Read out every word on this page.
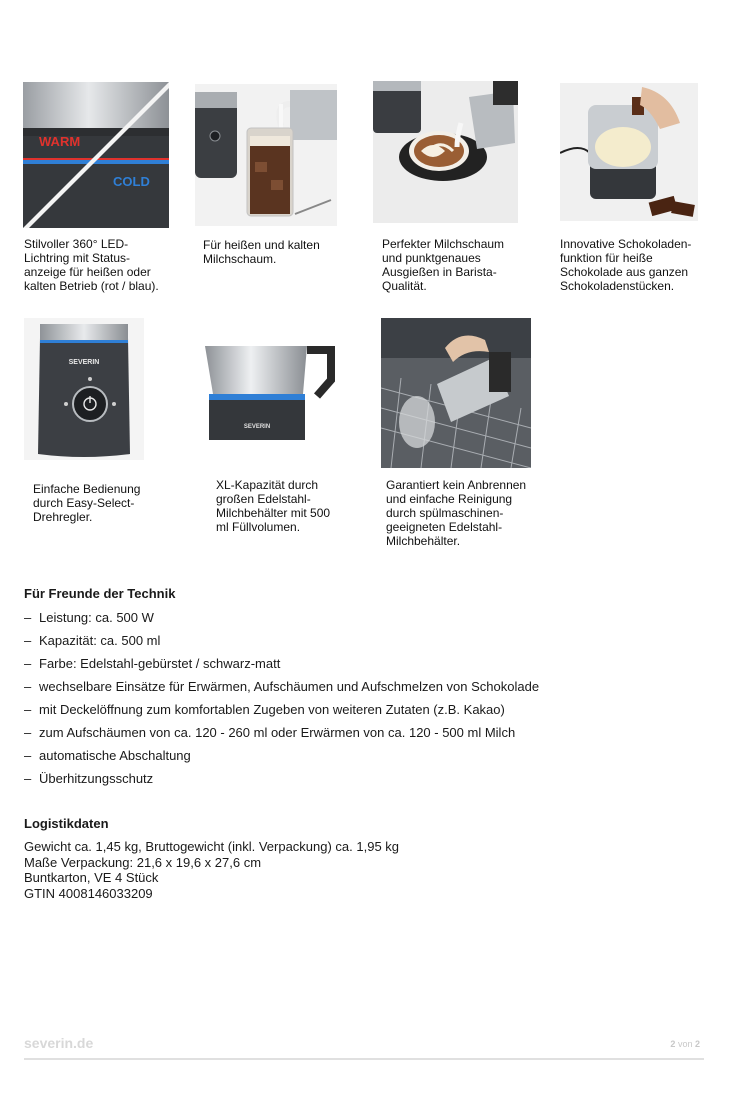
WARM
COLD

Stilvoller 360° LED-
Lichtring mit Status-
anzeige für heißen oder
kalten Betrieb (rot / blau).

Für heißen und kalten
Milchschaum.

Perfekter Milchschaum
und punktgenaues
Ausgießen in Barista-
Qualität.

Innovative Schokoladen-
funktion für heiße
Schokolade aus ganzen
Schokoladenstücken.

SEVERIN
SEVERIN

Einfache Bedienung
durch Easy-Select-
Drehregler.

XL-Kapazität durch
großen Edelstahl-
Milchbehälter mit 500
ml Füllvolumen.

Garantiert kein Anbrennen
und einfache Reinigung
durch spülmaschinen-
geeigneten Edelstahl-
Milchbehälter.

Für Freunde der Technik
– Leistung: ca. 500 W
– Kapazität: ca. 500 ml
– Farbe: Edelstahl-gebürstet / schwarz-matt
– wechselbare Einsätze für Erwärmen, Aufschäumen und Aufschmelzen von Schokolade
– mit Deckelöffnung zum komfortablen Zugeben von weiteren Zutaten (z.B. Kakao)
– zum Aufschäumen von ca. 120 - 260 ml oder Erwärmen von ca. 120 - 500 ml Milch
– automatische Abschaltung
– Überhitzungsschutz
Logistikdaten
Gewicht ca. 1,45 kg, Bruttogewicht (inkl. Verpackung) ca. 1,95 kg
Maße Verpackung: 21,6 x 19,6 x 27,6 cm
Buntkarton, VE 4 Stück
GTIN 4008146033209
severin.de	2 von 2
